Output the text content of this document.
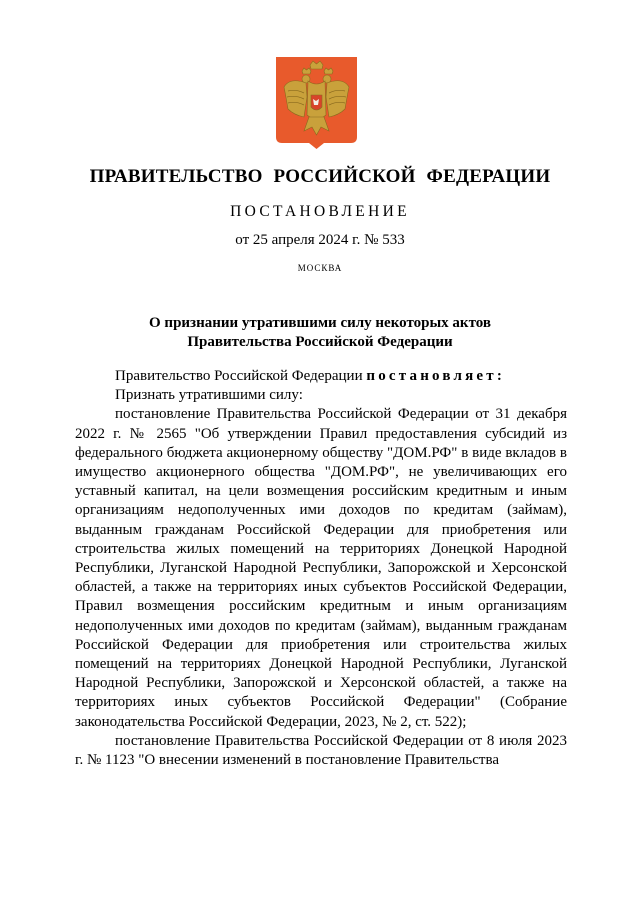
ПРАВИТЕЛЬСТВО РОССИЙСКОЙ ФЕДЕРАЦИИ
ПОСТАНОВЛЕНИЕ
от 25 апреля 2024 г. № 533
МОСКВА
О признании утратившими силу некоторых актов
Правительства Российской Федерации

Правительство Российской Федерации постановляет:

Признать утратившими силу:

постановление Правительства Российской Федерации от 31 декабря 2022 г. № 2565 "Об утверждении Правил предоставления субсидий из федерального бюджета акционерному обществу "ДОМ.РФ" в виде вкладов в имущество акционерного общества "ДОМ.РФ", не увеличивающих его уставный капитал, на цели возмещения российским кредитным и иным организациям недополученных ими доходов по кредитам (займам), выданным гражданам Российской Федерации для приобретения или строительства жилых помещений на территориях Донецкой Народной Республики, Луганской Народной Республики, Запорожской и Херсонской областей, а также на территориях иных субъектов Российской Федерации, Правил возмещения российским кредитным и иным организациям недополученных ими доходов по кредитам (займам), выданным гражданам Российской Федерации для приобретения или строительства жилых помещений на территориях Донецкой Народной Республики, Луганской Народной Республики, Запорожской и Херсонской областей, а также на территориях иных субъектов Российской Федерации" (Собрание законодательства Российской Федерации, 2023, № 2, ст. 522);

постановление Правительства Российской Федерации от 8 июля 2023 г. № 1123 "О внесении изменений в постановление Правительства
